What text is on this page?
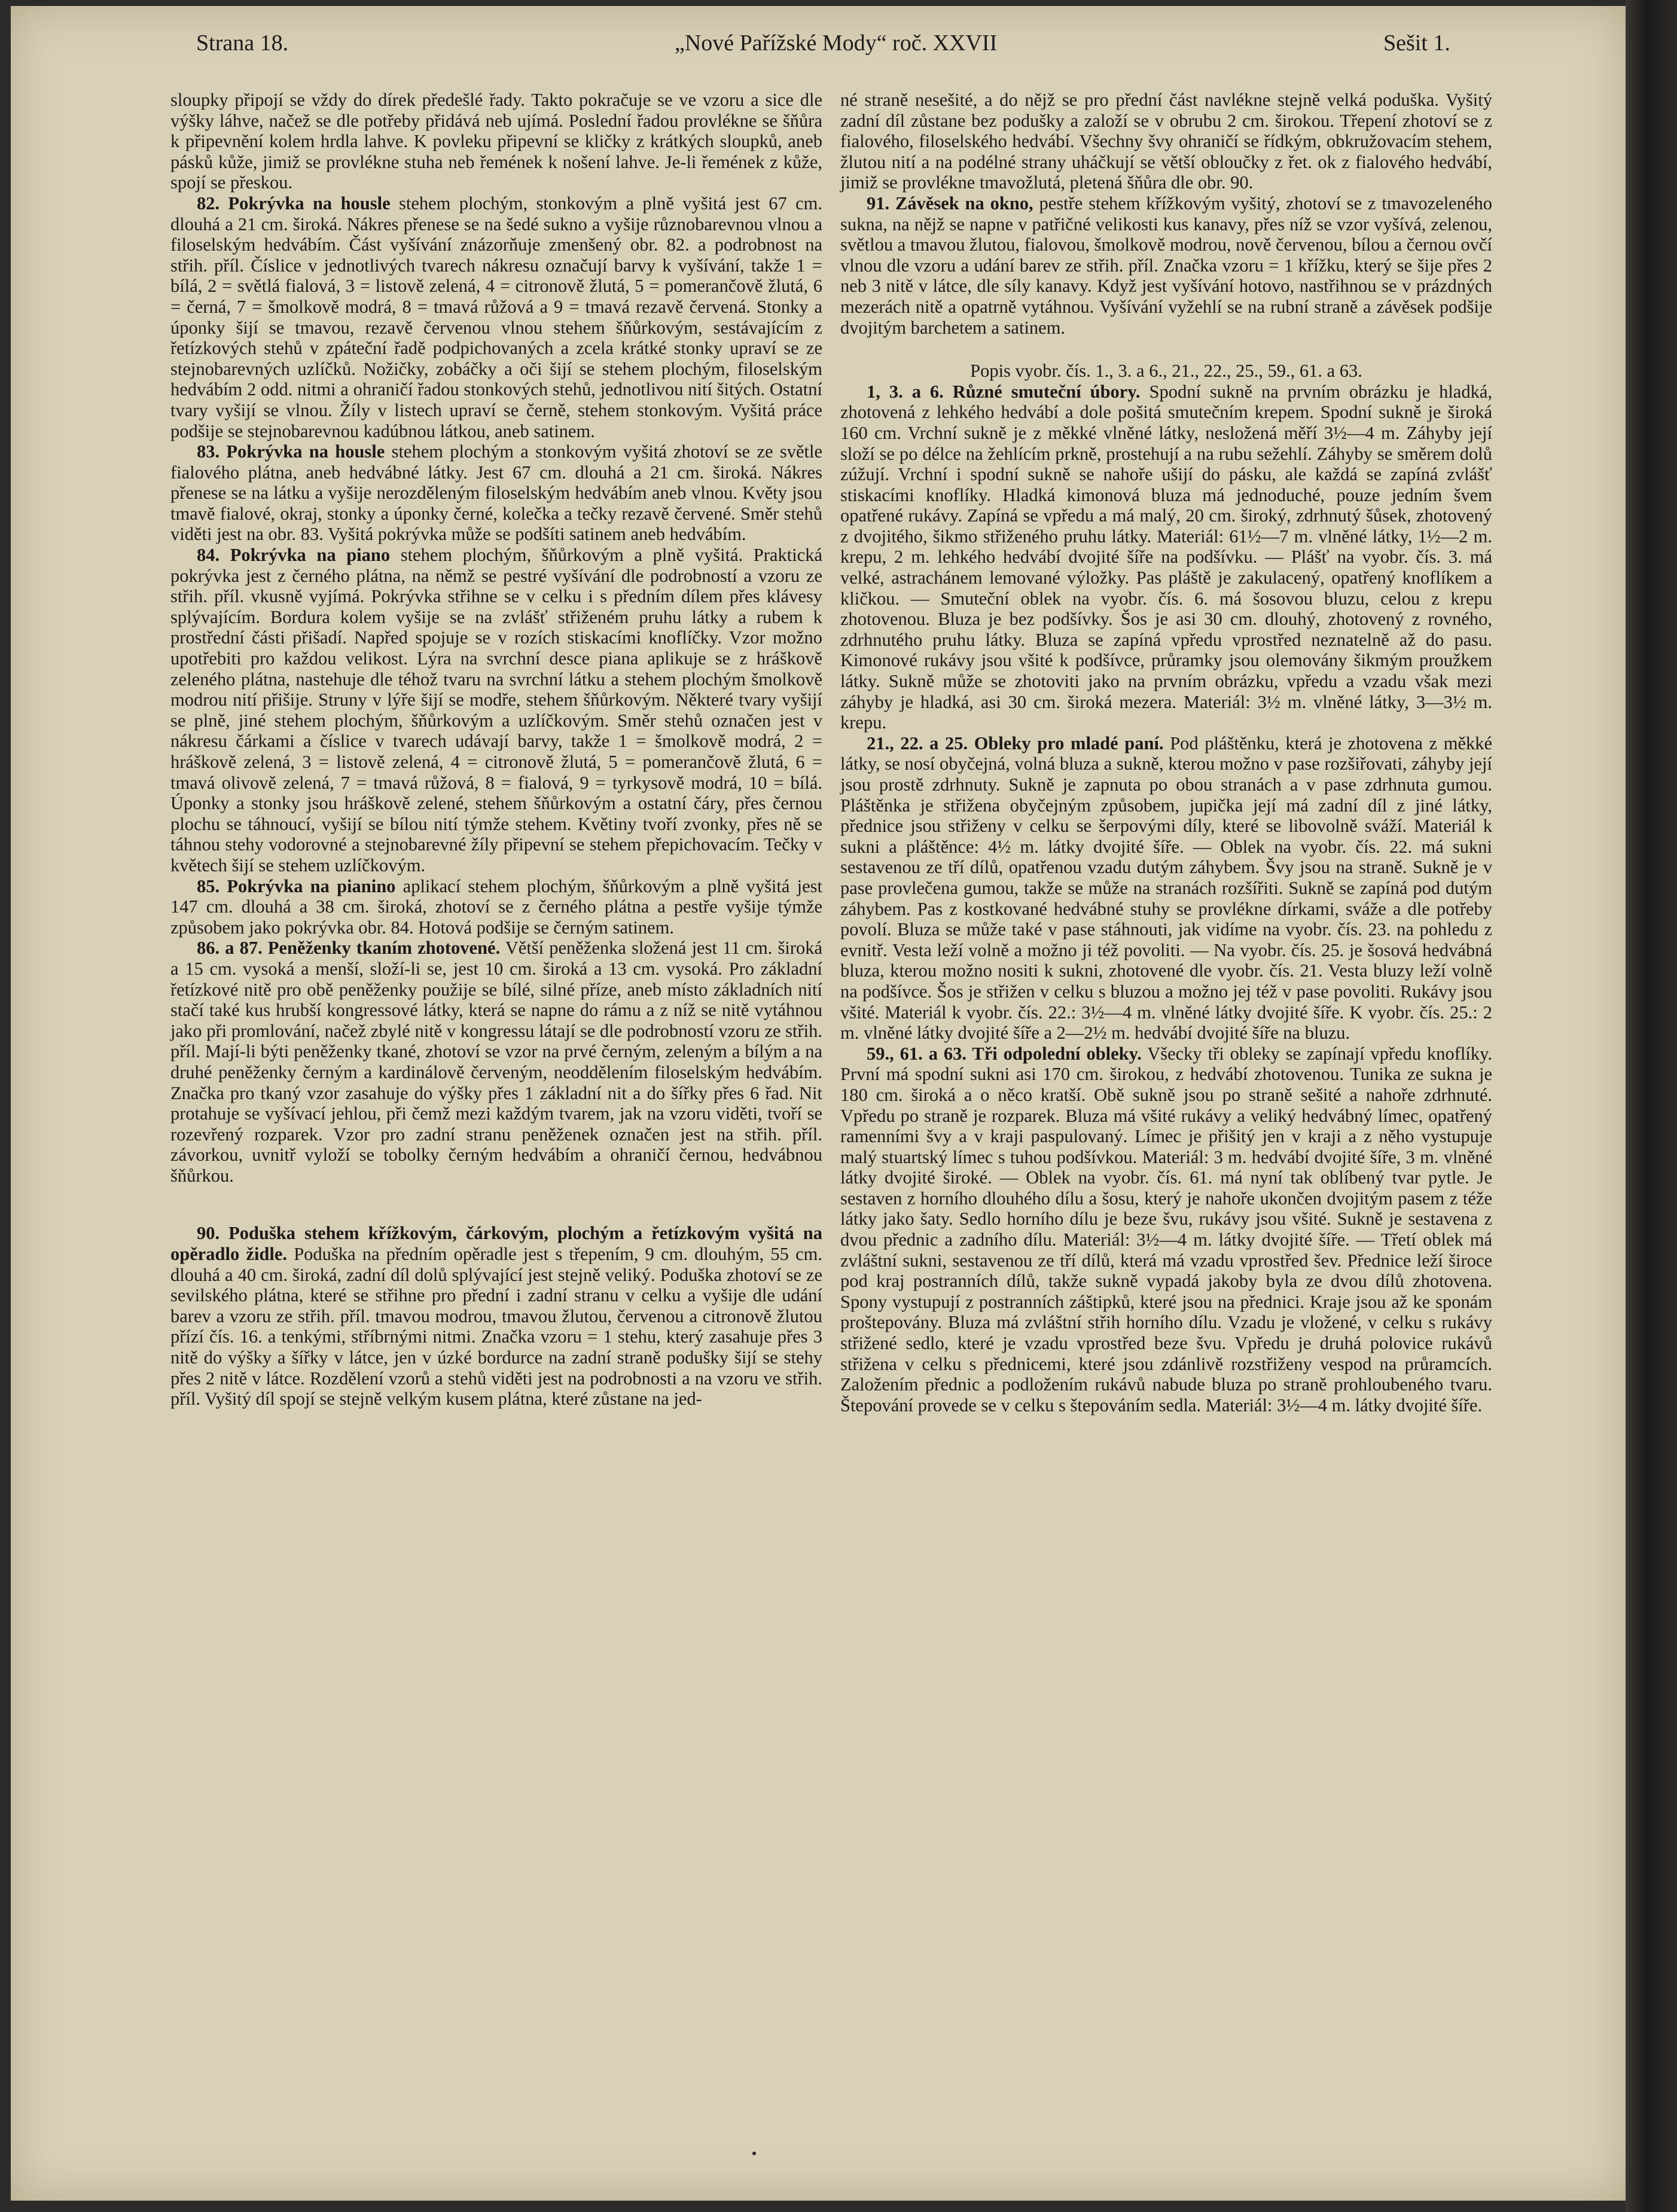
Strana 18.	„Nové Pařížské Mody“ roč. XXVII	Sešit 1.

sloupky připojí se vždy do dírek předešlé řady. Takto pokračuje se ve vzoru a sice dle výšky láhve, načež se dle potřeby přidává neb ujímá. Poslední řadou provlékne se šňůra k připevnění kolem hrdla lahve. K povleku připevní se kličky z krátkých sloupků, aneb pásků kůže, jimiž se provlékne stuha neb řemének k nošení lahve. Je-li řemének z kůže, spojí se přeskou.

82. Pokrývka na housle stehem plochým, stonkovým a plně vyšitá jest 67 cm. dlouhá a 21 cm. široká. Nákres přenese se na šedé sukno a vyšije různobarevnou vlnou a filoselským hedvábím. Část vyšívání znázorňuje zmenšený obr. 82. a podrobnost na střih. příl. Číslice v jednotlivých tvarech nákresu označují barvy k vyšívání, takže 1 = bílá, 2 = světlá fialová, 3 = listově zelená, 4 = citronově žlutá, 5 = pomerančově žlutá, 6 = černá, 7 = šmolkově modrá, 8 = tmavá růžová a 9 = tmavá rezavě červená. Stonky a úponky šijí se tmavou, rezavě červenou vlnou stehem šňůrkovým, sestávajícím z řetízkových stehů v zpáteční řadě podpichovaných a zcela krátké stonky upraví se ze stejnobarevných uzlíčků. Nožičky, zobáčky a oči šijí se stehem plochým, filoselským hedvábím 2 odd. nitmi a ohraničí řadou stonkových stehů, jednotlivou nití šitých. Ostatní tvary vyšijí se vlnou. Žíly v listech upraví se černě, stehem stonkovým. Vyšitá práce podšije se stejnobarevnou kadúbnou látkou, aneb satinem.

83. Pokrývka na housle stehem plochým a stonkovým vyšitá zhotoví se ze světle fialového plátna, aneb hedvábné látky. Jest 67 cm. dlouhá a 21 cm. široká. Nákres přenese se na látku a vyšije nerozděleným filoselským hedvábím aneb vlnou. Květy jsou tmavě fialové, okraj, stonky a úponky černé, kolečka a tečky rezavě červené. Směr stehů viděti jest na obr. 83. Vyšitá pokrývka může se podšíti satinem aneb hedvábím.

84. Pokrývka na piano stehem plochým, šňůrkovým a plně vyšitá. Praktická pokrývka jest z černého plátna, na němž se pestré vyšívání dle podrobností a vzoru ze střih. příl. vkusně vyjímá. Pokrývka střihne se v celku i s předním dílem přes klávesy splývajícím. Bordura kolem vyšije se na zvlášť střiženém pruhu látky a rubem k prostřední části přišadí. Napřed spojuje se v rozích stiskacími knoflíčky. Vzor možno upotřebiti pro každou velikost. Lýra na svrchní desce piana aplikuje se z hráškově zeleného plátna, nastehuje dle téhož tvaru na svrchní látku a stehem plochým šmolkově modrou nití přišije. Struny v lýře šijí se modře, stehem šňůrkovým. Některé tvary vyšijí se plně, jiné stehem plochým, šňůrkovým a uzlíčkovým. Směr stehů označen jest v nákresu čárkami a číslice v tvarech udávají barvy, takže 1 = šmolkově modrá, 2 = hráškově zelená, 3 = listově zelená, 4 = citronově žlutá, 5 = pomerančově žlutá, 6 = tmavá olivově zelená, 7 = tmavá růžová, 8 = fialová, 9 = tyrkysově modrá, 10 = bílá. Úponky a stonky jsou hráškově zelené, stehem šňůrkovým a ostatní čáry, přes černou plochu se táhnoucí, vyšijí se bílou nití týmže stehem. Květiny tvoří zvonky, přes ně se táhnou stehy vodorovné a stejnobarevné žíly připevní se stehem přepichovacím. Tečky v květech šijí se stehem uzlíčkovým.

85. Pokrývka na pianino aplikací stehem plochým, šňůrkovým a plně vyšitá jest 147 cm. dlouhá a 38 cm. široká, zhotoví se z černého plátna a pestře vyšije týmže způsobem jako pokrývka obr. 84. Hotová podšije se černým satinem.

86. a 87. Peněženky tkaním zhotovené. Větší peněženka složená jest 11 cm. široká a 15 cm. vysoká a menší, složí-li se, jest 10 cm. široká a 13 cm. vysoká. Pro základní řetízkové nitě pro obě peněženky použije se bílé, silné příze, aneb místo základních nití stačí také kus hrubší kongressové látky, která se napne do rámu a z níž se nitě vytáhnou jako při promlování, načež zbylé nitě v kongressu látají se dle podrobností vzoru ze střih. příl. Mají-li býti peněženky tkané, zhotoví se vzor na prvé černým, zeleným a bílým a na druhé peněženky černým a kardinálově červeným, neoddělením filoselským hedvábím. Značka pro tkaný vzor zasahuje do výšky přes 1 základní nit a do šířky přes 6 řad. Nit protahuje se vyšívací jehlou, při čemž mezi každým tvarem, jak na vzoru viděti, tvoří se rozevřený rozparek. Vzor pro zadní stranu peněženek označen jest na střih. příl. závorkou, uvnitř vyloží se tobolky černým hedvábím a ohraničí černou, hedvábnou šňůrkou.

90. Poduška stehem křížkovým, čárkovým, plochým a řetízkovým vyšitá na opěradlo židle. Poduška na předním opěradle jest s třepením, 9 cm. dlouhým, 55 cm. dlouhá a 40 cm. široká, zadní díl dolů splývající jest stejně veliký. Poduška zhotoví se ze sevilského plátna, které se střihne pro přední i zadní stranu v celku a vyšije dle udání barev a vzoru ze střih. příl. tmavou modrou, tmavou žlutou, červenou a citronově žlutou přízí čís. 16. a tenkými, stříbrnými nitmi. Značka vzoru = 1 stehu, který zasahuje přes 3 nitě do výšky a šířky v látce, jen v úzké bordurce na zadní straně podušky šijí se stehy přes 2 nitě v látce. Rozdělení vzorů a stehů viděti jest na podrobnosti a na vzoru ve střih. příl. Vyšitý díl spojí se stejně velkým kusem plátna, které zůstane na jed-

né straně nesešité, a do nějž se pro přední část navlékne stejně velká poduška. Vyšitý zadní díl zůstane bez podušky a založí se v obrubu 2 cm. širokou. Třepení zhotoví se z fialového, filoselského hedvábí. Všechny švy ohraničí se řídkým, obkružovacím stehem, žlutou nití a na podélné strany uháčkují se větší obloučky z řet. ok z fialového hedvábí, jimiž se provlékne tmavožlutá, pletená šňůra dle obr. 90.

91. Závěsek na okno, pestře stehem křížkovým vyšitý, zhotoví se z tmavozeleného sukna, na nějž se napne v patřičné velikosti kus kanavy, přes níž se vzor vyšívá, zelenou, světlou a tmavou žlutou, fialovou, šmolkově modrou, nově červenou, bílou a černou ovčí vlnou dle vzoru a udání barev ze střih. příl. Značka vzoru = 1 křížku, který se šije přes 2 neb 3 nitě v látce, dle síly kanavy. Když jest vyšívání hotovo, nastřihnou se v prázdných mezerách nitě a opatrně vytáhnou. Vyšívání vyžehlí se na rubní straně a závěsek podšije dvojitým barchetem a satinem.

Popis vyobr. čís. 1., 3. a 6., 21., 22., 25., 59., 61. a 63.

1, 3. a 6. Různé smuteční úbory. Spodní sukně na prvním obrázku je hladká, zhotovená z lehkého hedvábí a dole pošitá smutečním krepem. Spodní sukně je široká 160 cm. Vrchní sukně je z měkké vlněné látky, nesložená měří 3½—4 m. Záhyby její složí se po délce na žehlícím prkně, prostehují a na rubu sežehlí. Záhyby se směrem dolů zúžují. Vrchní i spodní sukně se nahoře ušijí do pásku, ale každá se zapíná zvlášť stiskacími knoflíky. Hladká kimonová bluza má jednoduché, pouze jedním švem opatřené rukávy. Zapíná se vpředu a má malý, 20 cm. široký, zdrhnutý šůsek, zhotovený z dvojitého, šikmo střiženého pruhu látky. Materiál: 61½—7 m. vlněné látky, 1½—2 m. krepu, 2 m. lehkého hedvábí dvojité šíře na podšívku. — Plášť na vyobr. čís. 3. má velké, astrachánem lemované výložky. Pas pláště je zakulacený, opatřený knoflíkem a kličkou. — Smuteční oblek na vyobr. čís. 6. má šosovou bluzu, celou z krepu zhotovenou. Bluza je bez podšívky. Šos je asi 30 cm. dlouhý, zhotovený z rovného, zdrhnutého pruhu látky. Bluza se zapíná vpředu vprostřed neznatelně až do pasu. Kimonové rukávy jsou všité k podšívce, průramky jsou olemovány šikmým proužkem látky. Sukně může se zhotoviti jako na prvním obrázku, vpředu a vzadu však mezi záhyby je hladká, asi 30 cm. široká mezera. Materiál: 3½ m. vlněné látky, 3—3½ m. krepu.

21., 22. a 25. Obleky pro mladé paní. Pod pláštěnku, která je zhotovena z měkké látky, se nosí obyčejná, volná bluza a sukně, kterou možno v pase rozšiřovati, záhyby její jsou prostě zdrhnuty. Sukně je zapnuta po obou stranách a v pase zdrhnuta gumou. Pláštěnka je střižena obyčejným způsobem, jupička její má zadní díl z jiné látky, přednice jsou střiženy v celku se šerpovými díly, které se libovolně sváží. Materiál k sukni a pláštěnce: 4½ m. látky dvojité šíře. — Oblek na vyobr. čís. 22. má sukni sestavenou ze tří dílů, opatřenou vzadu dutým záhybem. Švy jsou na straně. Sukně je v pase provlečena gumou, takže se může na stranách rozšířiti. Sukně se zapíná pod dutým záhybem. Pas z kostkované hedvábné stuhy se provlékne dírkami, sváže a dle potřeby povolí. Bluza se může také v pase stáhnouti, jak vidíme na vyobr. čís. 23. na pohledu z evnitř. Vesta leží volně a možno ji též povoliti. — Na vyobr. čís. 25. je šosová hedvábná bluza, kterou možno nositi k sukni, zhotovené dle vyobr. čís. 21. Vesta bluzy leží volně na podšívce. Šos je střižen v celku s bluzou a možno jej též v pase povoliti. Rukávy jsou všité. Materiál k vyobr. čís. 22.: 3½—4 m. vlněné látky dvojité šíře. K vyobr. čís. 25.: 2 m. vlněné látky dvojité šíře a 2—2½ m. hedvábí dvojité šíře na bluzu.

59., 61. a 63. Tři odpolední obleky. Všecky tři obleky se zapínají vpředu knoflíky. První má spodní sukni asi 170 cm. širokou, z hedvábí zhotovenou. Tunika ze sukna je 180 cm. široká a o něco kratší. Obě sukně jsou po straně sešité a nahoře zdrhnuté. Vpředu po straně je rozparek. Bluza má všité rukávy a veliký hedvábný límec, opatřený ramenními švy a v kraji paspulovaný. Límec je přišitý jen v kraji a z něho vystupuje malý stuartský límec s tuhou podšívkou. Materiál: 3 m. hedvábí dvojité šíře, 3 m. vlněné látky dvojité široké. — Oblek na vyobr. čís. 61. má nyní tak oblíbený tvar pytle. Je sestaven z horního dlouhého dílu a šosu, který je nahoře ukončen dvojitým pasem z téže látky jako šaty. Sedlo horního dílu je beze švu, rukávy jsou všité. Sukně je sestavena z dvou přednic a zadního dílu. Materiál: 3½—4 m. látky dvojité šíře. — Třetí oblek má zvláštní sukni, sestavenou ze tří dílů, která má vzadu vprostřed šev. Přednice leží široce pod kraj postranních dílů, takže sukně vypadá jakoby byla ze dvou dílů zhotovena. Spony vystupují z postranních záštipků, které jsou na přednici. Kraje jsou až ke sponám proštepovány. Bluza má zvláštní střih horního dílu. Vzadu je vložené, v celku s rukávy střižené sedlo, které je vzadu vprostřed beze švu. Vpředu je druhá polovice rukávů střižena v celku s přednicemi, které jsou zdánlivě rozstřiženy vespod na průramcích. Založením přednic a podložením rukávů nabude bluza po straně prohloubeného tvaru. Štepování provede se v celku s štepováním sedla. Materiál: 3½—4 m. látky dvojité šíře.
